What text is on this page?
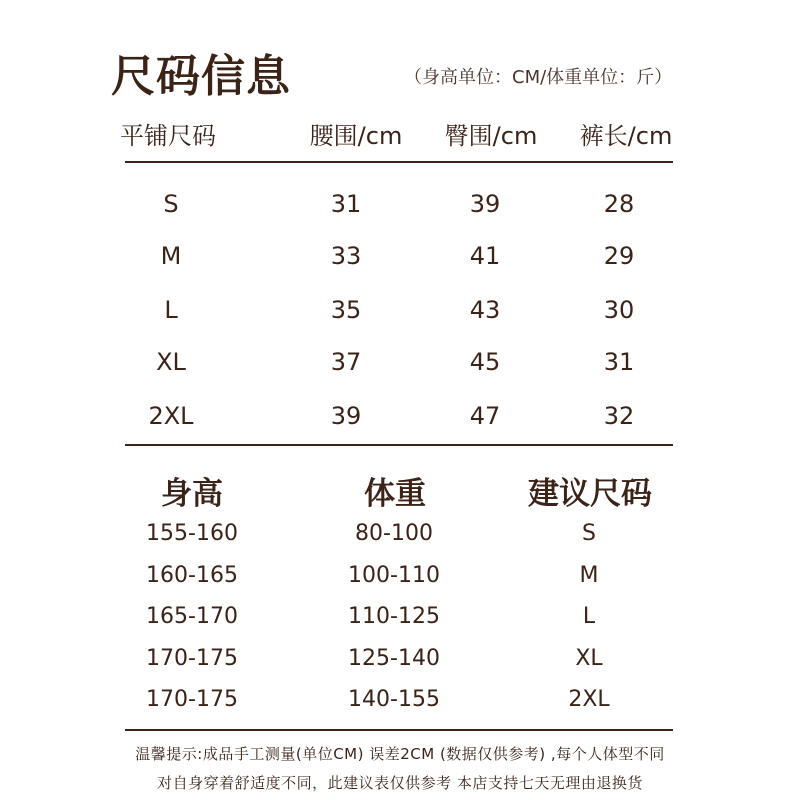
尺码信息	（身高单位：CM/体重单位：斤）
平铺尺码	腰围/cm 臀围/cm 裤长/cm
S	31	39	28
M	33	41	29
L	35	43	30
XL	37	45	31
2XL	39	47	32
身高	体重	建议尺码
155-160	80-100	S
160-165	100-110	M
165-170	110-125	L
170-175	125-140	XL
170-175	140-155	2XL
温馨提示:成品手工测量(单位CM) 误差2CM (数据仅供参考) ,每个人体型不同
对自身穿着舒适度不同，此建议表仅供参考 本店支持七天无理由退换货
